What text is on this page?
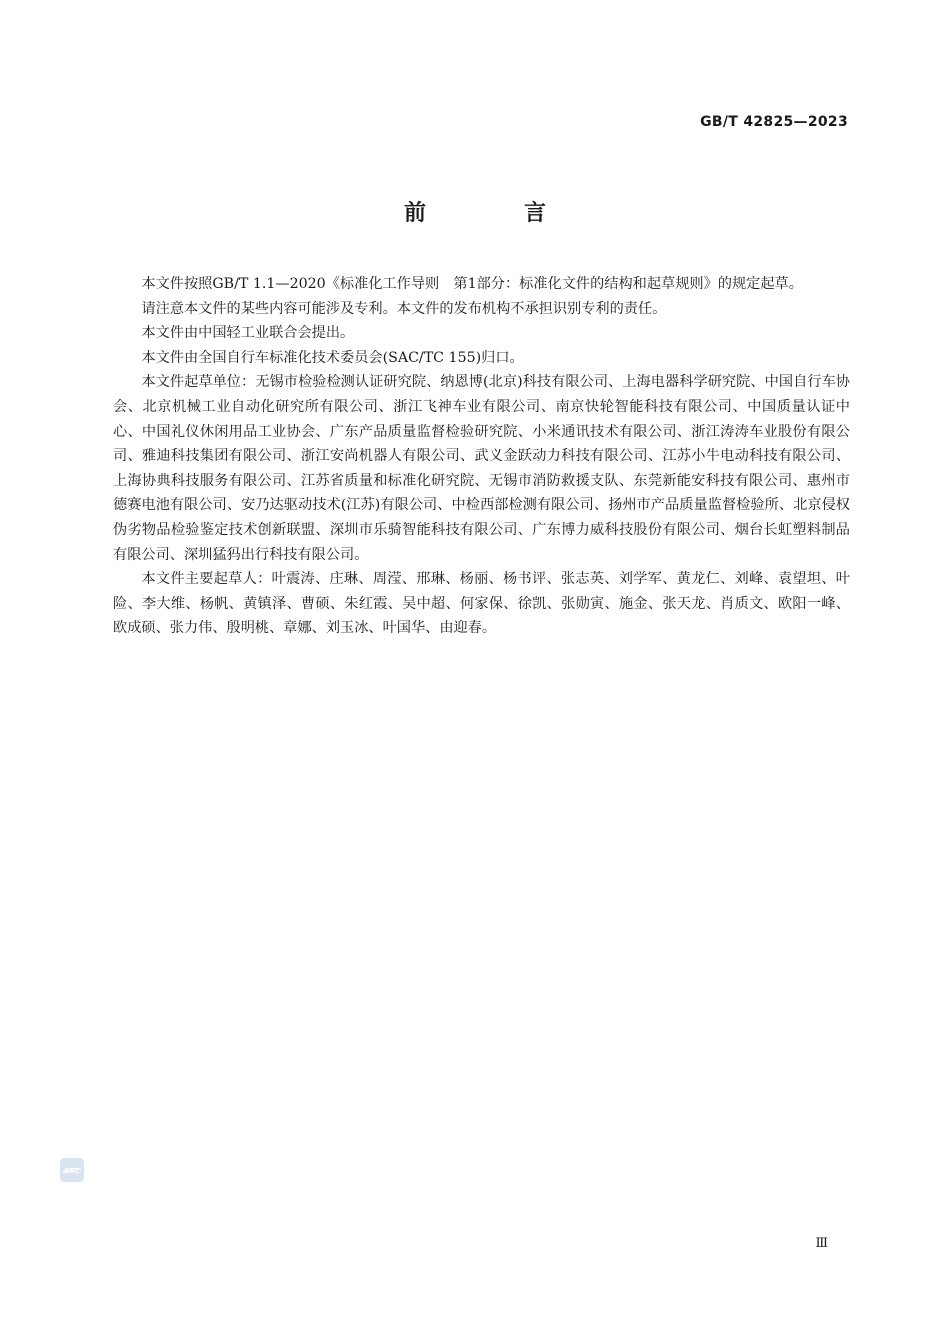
GB/T 42825—2023
前　言

本文件按照GB/T 1.1—2020《标准化工作导则　第1部分：标准化文件的结构和起草规则》的规定起草。

请注意本文件的某些内容可能涉及专利。本文件的发布机构不承担识别专利的责任。

本文件由中国轻工业联合会提出。

本文件由全国自行车标准化技术委员会(SAC/TC 155)归口。

本文件起草单位：无锡市检验检测认证研究院、纳恩博(北京)科技有限公司、上海电器科学研究院、中国自行车协会、北京机械工业自动化研究所有限公司、浙江飞神车业有限公司、南京快轮智能科技有限公司、中国质量认证中心、中国礼仪休闲用品工业协会、广东产品质量监督检验研究院、小米通讯技术有限公司、浙江涛涛车业股份有限公司、雅迪科技集团有限公司、浙江安尚机器人有限公司、武义金跃动力科技有限公司、江苏小牛电动科技有限公司、上海协典科技服务有限公司、江苏省质量和标准化研究院、无锡市消防救援支队、东莞新能安科技有限公司、惠州市德赛电池有限公司、安乃达驱动技术(江苏)有限公司、中检西部检测有限公司、扬州市产品质量监督检验所、北京侵权伪劣物品检验鉴定技术创新联盟、深圳市乐骑智能科技有限公司、广东博力威科技股份有限公司、烟台长虹塑料制品有限公司、深圳猛犸出行科技有限公司。

本文件主要起草人：叶震涛、庄琳、周滢、邢琳、杨丽、杨书评、张志英、刘学军、黄龙仁、刘峰、袁望坦、叶险、李大维、杨帆、黄镇泽、曹硕、朱红霞、吴中超、何家保、徐凯、张勋寅、施金、张天龙、肖质文、欧阳一峰、欧成硕、张力伟、殷明桃、章娜、刘玉冰、叶国华、由迎春。

SAC
Ⅲ
